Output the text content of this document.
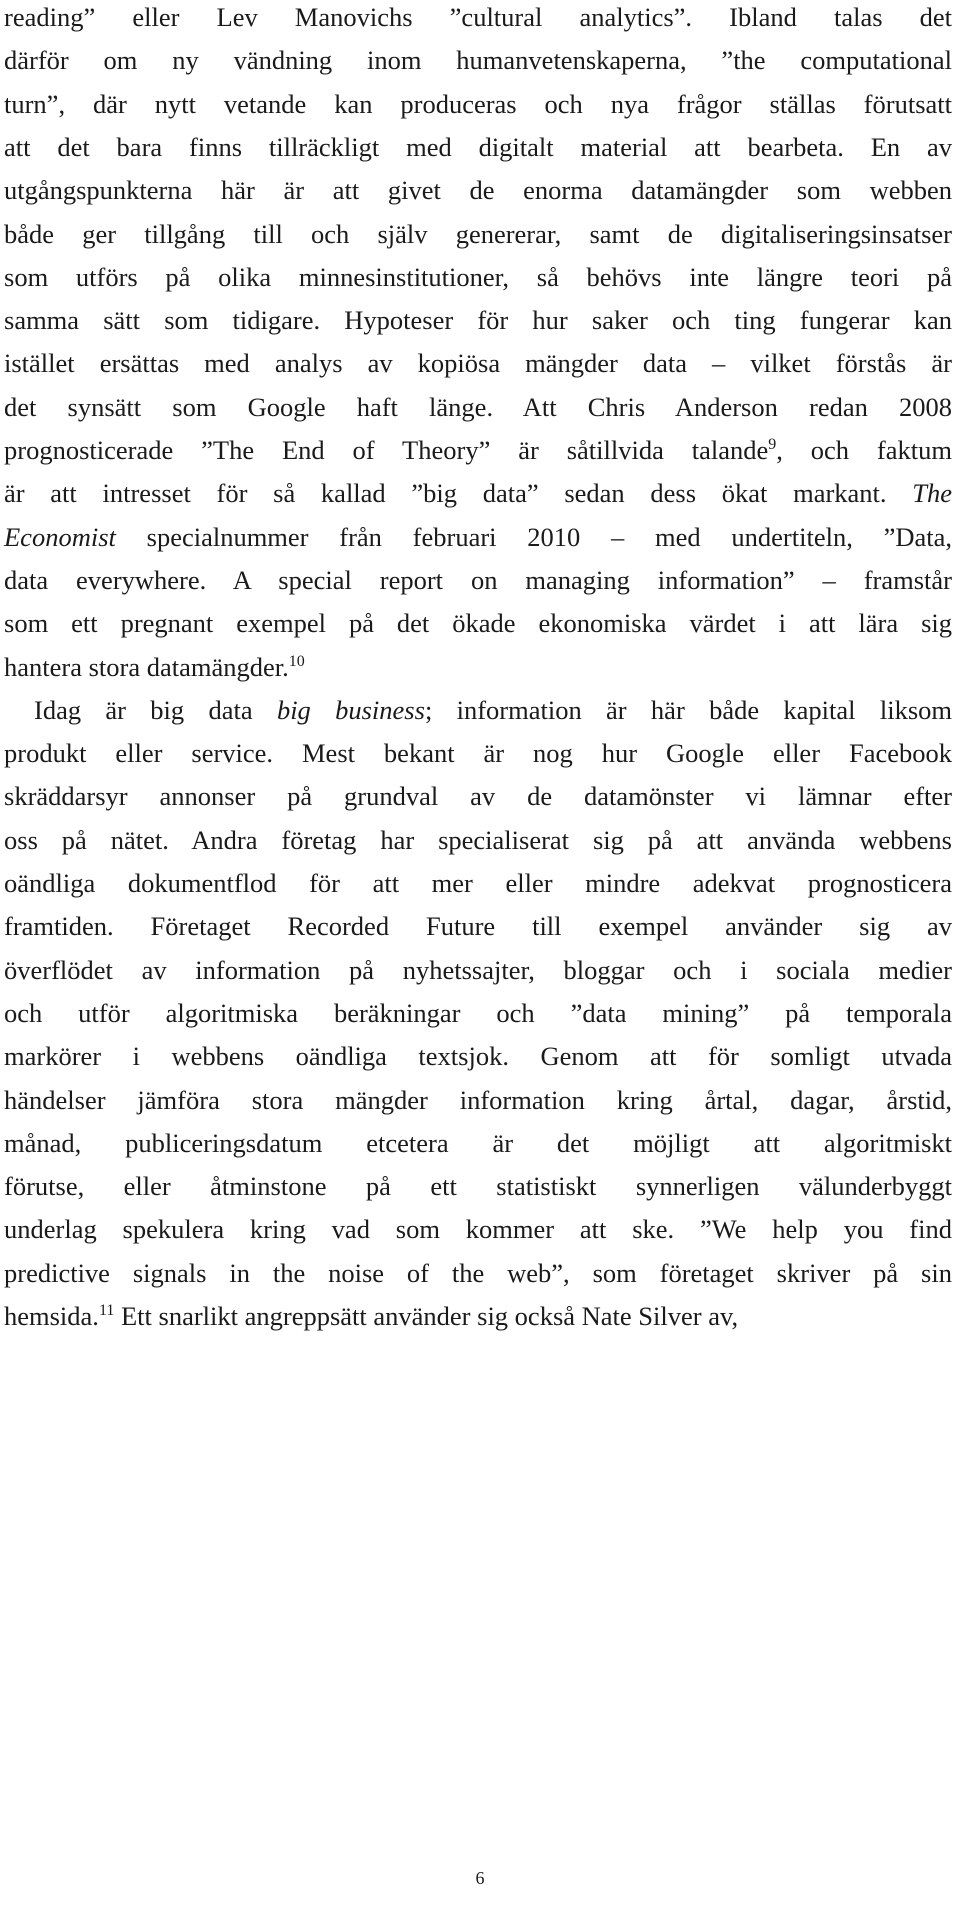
reading” eller Lev Manovichs ”cultural analytics”. Ibland talas det
därför om ny vändning inom humanvetenskaperna, ”the computational
turn”, där nytt vetande kan produceras och nya frågor ställas förutsatt
att det bara finns tillräckligt med digitalt material att bearbeta. En av
utgångspunkterna här är att givet de enorma datamängder som webben
både ger tillgång till och själv genererar, samt de digitaliseringsinsatser
som utförs på olika minnesinstitutioner, så behövs inte längre teori på
samma sätt som tidigare. Hypoteser för hur saker och ting fungerar kan
istället ersättas med analys av kopiösa mängder data – vilket förstås är
det synsätt som Google haft länge. Att Chris Anderson redan 2008
prognosticerade ”The End of Theory” är såtillvida talande$^9$, och faktum
är att intresset för så kallad ”big data” sedan dess ökat markant. The
Economist specialnummer från februari 2010 – med undertiteln, ”Data,
data everywhere. A special report on managing information” – framstår
som ett pregnant exempel på det ökade ekonomiska värdet i att lära sig
hantera stora datamängder.$^{10}$
Idag är big data big business; information är här både kapital liksom
produkt eller service. Mest bekant är nog hur Google eller Facebook
skräddarsyr annonser på grundval av de datamönster vi lämnar efter
oss på nätet. Andra företag har specialiserat sig på att använda webbens
oändliga dokumentflod för att mer eller mindre adekvat prognosticera
framtiden. Företaget Recorded Future till exempel använder sig av
överflödet av information på nyhetssajter, bloggar och i sociala medier
och utför algoritmiska beräkningar och ”data mining” på temporala
markörer i webbens oändliga textsjok. Genom att för somligt utvada
händelser jämföra stora mängder information kring årtal, dagar, årstid,
månad, publiceringsdatum etcetera är det möjligt att algoritmiskt
förutse, eller åtminstone på ett statistiskt synnerligen välunderbyggt
underlag spekulera kring vad som kommer att ske. ”We help you find
predictive signals in the noise of the web”, som företaget skriver på sin
hemsida.$^{11}$ Ett snarlikt angreppsätt använder sig också Nate Silver av,
6
